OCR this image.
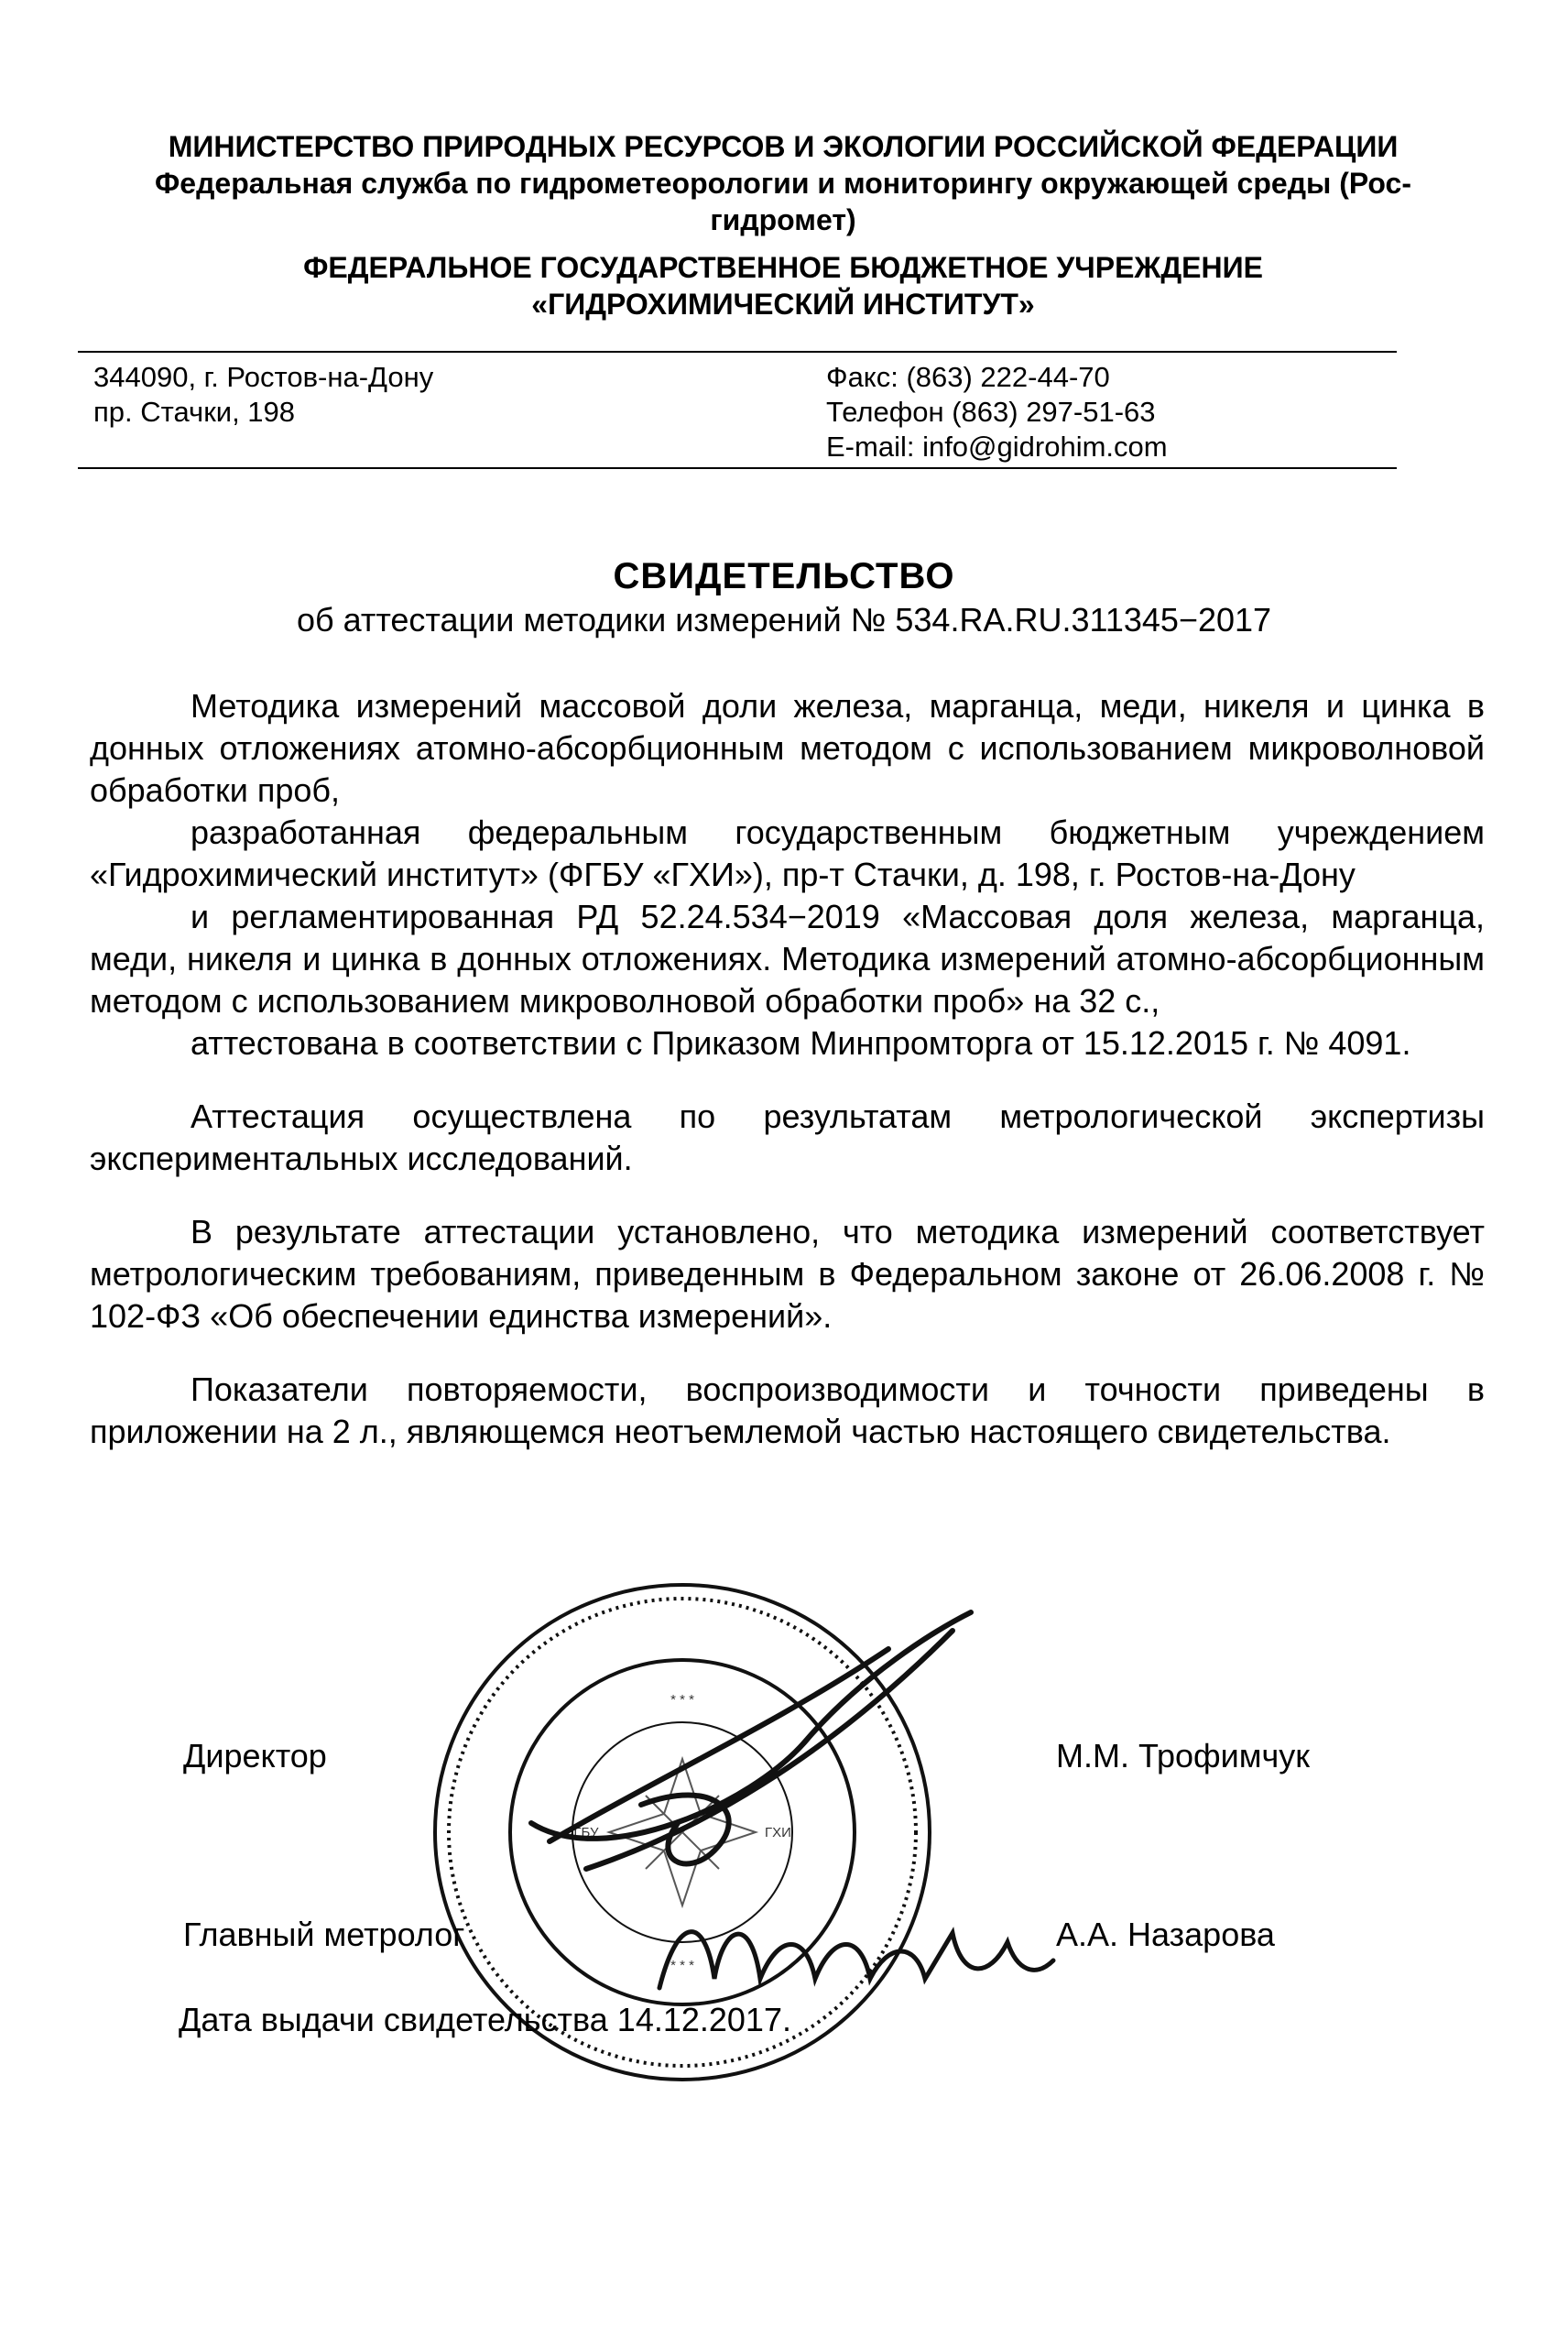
МИНИСТЕРСТВО ПРИРОДНЫХ РЕСУРСОВ И ЭКОЛОГИИ РОССИЙСКОЙ ФЕДЕРАЦИИ
Федеральная служба по гидрометеорологии и мониторингу окружающей среды (Рос-
гидромет)
ФЕДЕРАЛЬНОЕ ГОСУДАРСТВЕННОЕ БЮДЖЕТНОЕ УЧРЕЖДЕНИЕ
«ГИДРОХИМИЧЕСКИЙ ИНСТИТУТ»
344090, г. Ростов-на-Дону
пр. Стачки, 198
Факс: (863) 222-44-70
Телефон (863) 297-51-63
E-mail: info@gidrohim.com
СВИДЕТЕЛЬСТВО
об аттестации методики измерений № 534.RA.RU.311345−2017

Методика измерений массовой доли железа, марганца, меди, никеля и цинка в донных отложениях атомно-абсорбционным методом с использованием микроволновой обработки проб,

разработанная федеральным государственным бюджетным учреждением «Гидрохимический институт» (ФГБУ «ГХИ»), пр-т Стачки, д. 198, г. Ростов-на-Дону

и регламентированная РД 52.24.534−2019 «Массовая доля железа, марганца, меди, никеля и цинка в донных отложениях. Методика измерений атомно-абсорбционным методом с использованием микроволновой обработки проб» на 32 с.,

аттестована в соответствии с Приказом Минпромторга от 15.12.2015 г. № 4091.

Аттестация осуществлена по результатам метрологической экспертизы экспериментальных исследований.

В результате аттестации установлено, что методика измерений соответствует метрологическим требованиям, приведенным в Федеральном законе от 26.06.2008 г. № 102-ФЗ «Об обеспечении единства измерений».

Показатели повторяемости, воспроизводимости и точности приведены в приложении на 2 л., являющемся неотъемлемой частью настоящего свидетельства.

* * *
* * *
ФГБУ	ГХИ
Директор	М.М. Трофимчук
Главный метролог	А.А. Назарова
Дата выдачи свидетельства 14.12.2017.
